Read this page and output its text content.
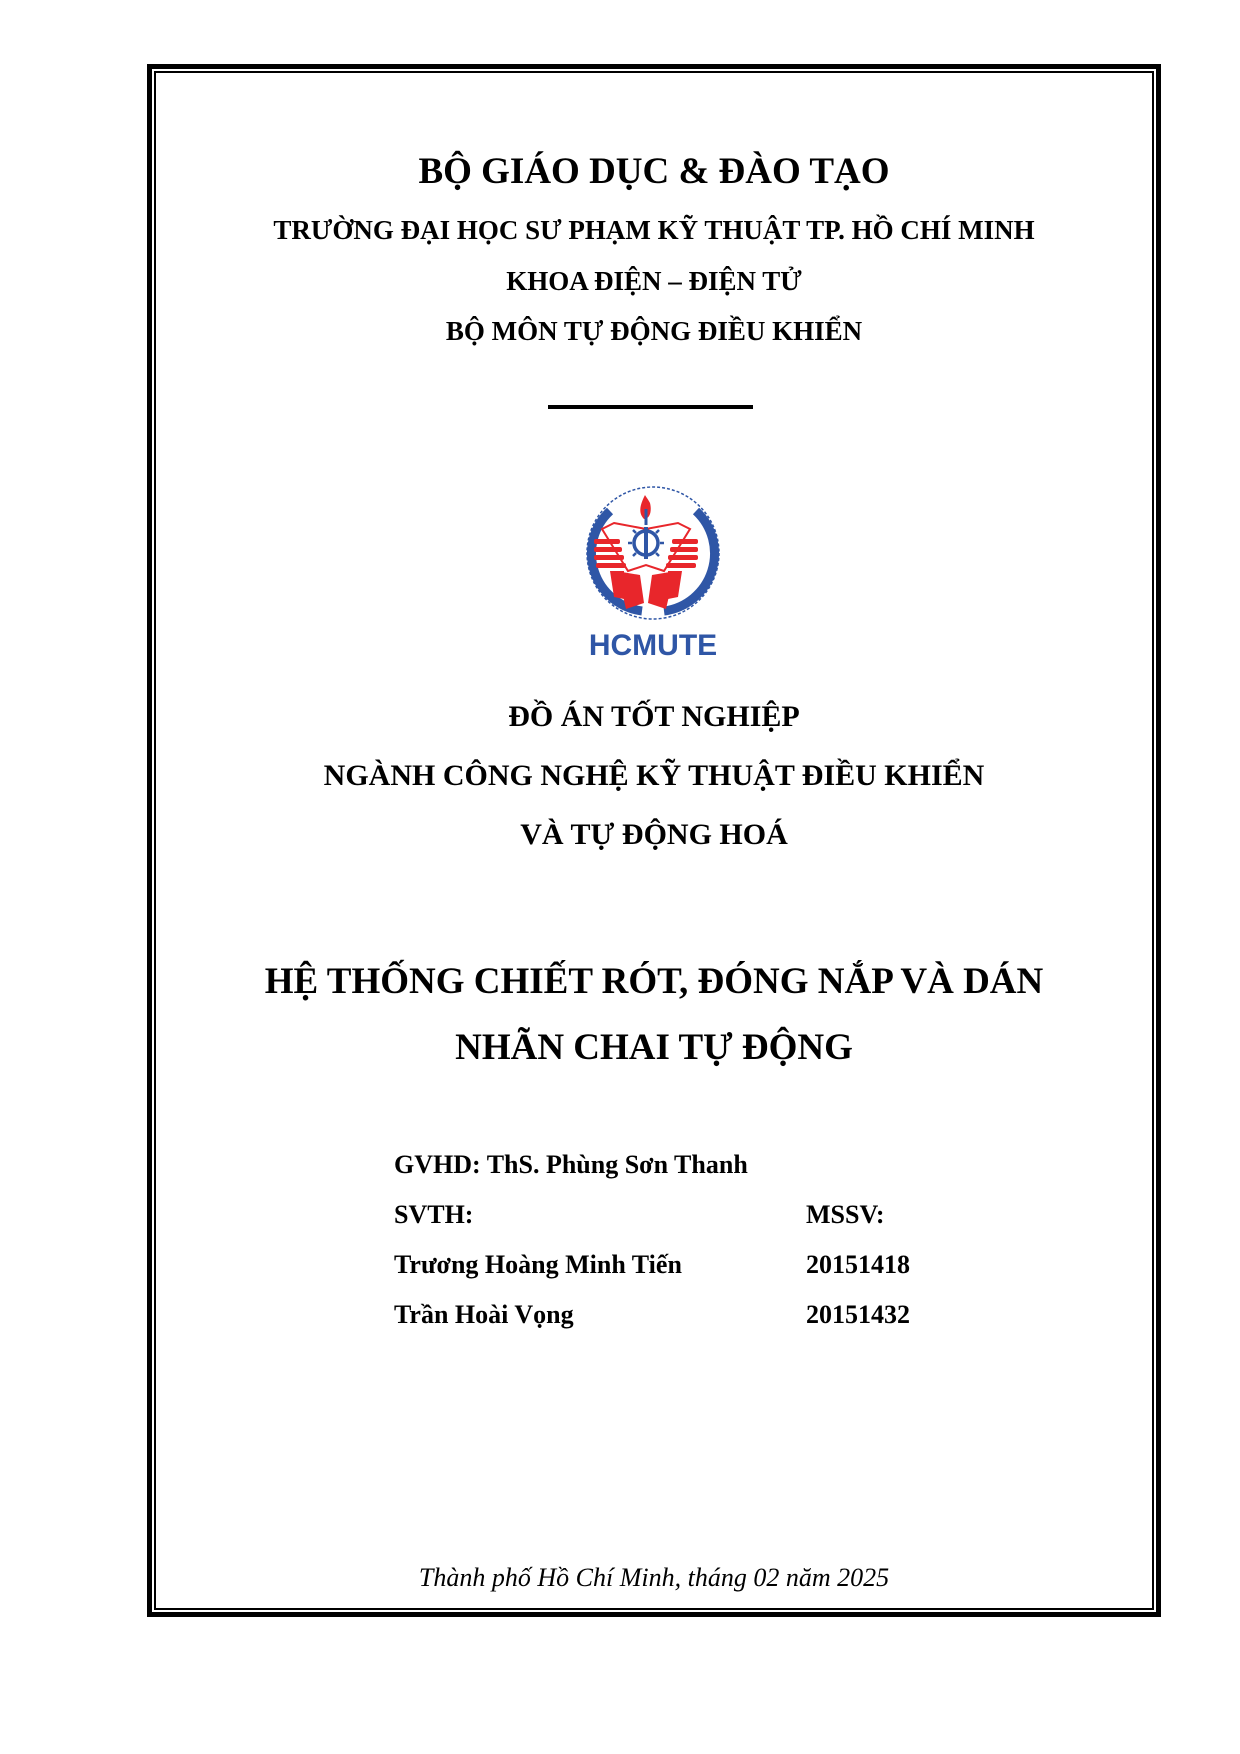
BỘ GIÁO DỤC & ĐÀO TẠO
TRƯỜNG ĐẠI HỌC SƯ PHẠM KỸ THUẬT TP. HỒ CHÍ MINH
KHOA ĐIỆN – ĐIỆN TỬ
BỘ MÔN TỰ ĐỘNG ĐIỀU KHIỂN
HCMUTE
ĐỒ ÁN TỐT NGHIỆP
NGÀNH CÔNG NGHỆ KỸ THUẬT ĐIỀU KHIỂN
VÀ TỰ ĐỘNG HOÁ
HỆ THỐNG CHIẾT RÓT, ĐÓNG NẮP VÀ DÁN
NHÃN CHAI TỰ ĐỘNG
GVHD: ThS. Phùng Sơn Thanh
SVTH:	MSSV:
Trương Hoàng Minh Tiến	20151418
Trần Hoài Vọng	20151432
Thành phố Hồ Chí Minh, tháng 02 năm 2025
